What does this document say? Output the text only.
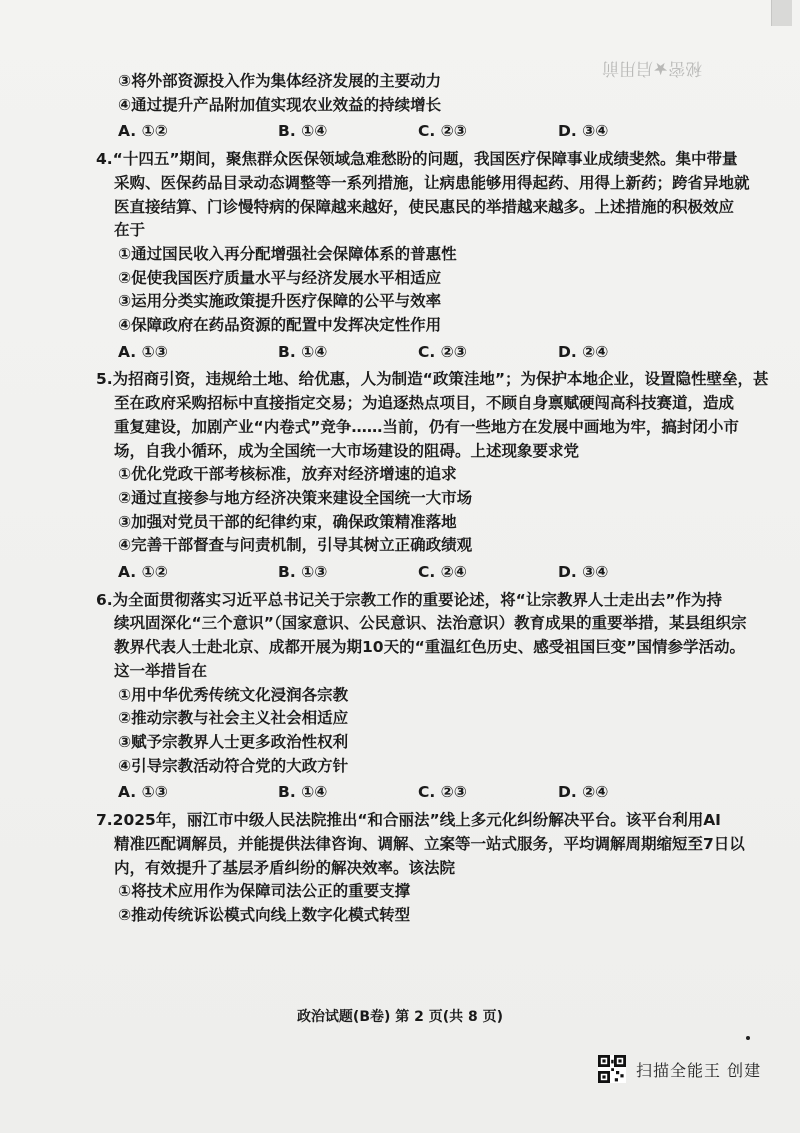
秘密★启用前
③将外部资源投入作为集体经济发展的主要动力
④通过提升产品附加值实现农业效益的持续增长
A. ①②	B. ①④	C. ②③	D. ③④
4.“十四五”期间，聚焦群众医保领域急难愁盼的问题，我国医疗保障事业成绩斐然。集中带量
采购、医保药品目录动态调整等一系列措施，让病患能够用得起药、用得上新药；跨省异地就
医直接结算、门诊慢特病的保障越来越好，使民惠民的举措越来越多。上述措施的积极效应
在于
①通过国民收入再分配增强社会保障体系的普惠性
②促使我国医疗质量水平与经济发展水平相适应
③运用分类实施政策提升医疗保障的公平与效率
④保障政府在药品资源的配置中发挥决定性作用
A. ①③	B. ①④	C. ②③	D. ②④
5.为招商引资，违规给土地、给优惠，人为制造“政策洼地”；为保护本地企业，设置隐性壁垒，甚
至在政府采购招标中直接指定交易；为追逐热点项目，不顾自身禀赋硬闯高科技赛道，造成
重复建设，加剧产业“内卷式”竞争……当前，仍有一些地方在发展中画地为牢，搞封闭小市
场，自我小循环，成为全国统一大市场建设的阻碍。上述现象要求党
①优化党政干部考核标准，放弃对经济增速的追求
②通过直接参与地方经济决策来建设全国统一大市场
③加强对党员干部的纪律约束，确保政策精准落地
④完善干部督查与问责机制，引导其树立正确政绩观
A. ①②	B. ①③	C. ②④	D. ③④
6.为全面贯彻落实习近平总书记关于宗教工作的重要论述，将“让宗教界人士走出去”作为持
续巩固深化“三个意识”（国家意识、公民意识、法治意识）教育成果的重要举措，某县组织宗
教界代表人士赴北京、成都开展为期10天的“重温红色历史、感受祖国巨变”国情参学活动。
这一举措旨在
①用中华优秀传统文化浸润各宗教
②推动宗教与社会主义社会相适应
③赋予宗教界人士更多政治性权利
④引导宗教活动符合党的大政方针
A. ①③	B. ①④	C. ②③	D. ②④
7.2025年，丽江市中级人民法院推出“和合丽法”线上多元化纠纷解决平台。该平台利用AI
精准匹配调解员，并能提供法律咨询、调解、立案等一站式服务，平均调解周期缩短至7日以
内，有效提升了基层矛盾纠纷的解决效率。该法院
①将技术应用作为保障司法公正的重要支撑
②推动传统诉讼模式向线上数字化模式转型
政治试题(B卷) 第 2 页(共 8 页)
扫描全能王 创建
